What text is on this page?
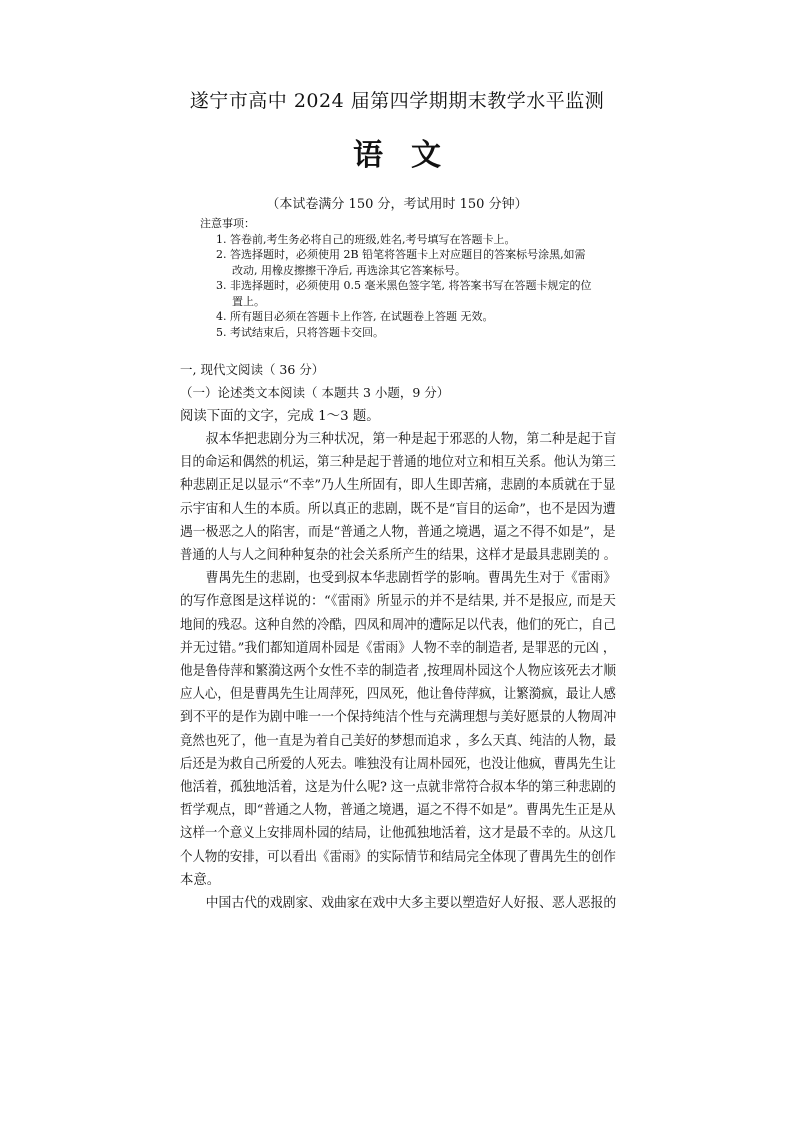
遂宁市高中 2024 届第四学期期末教学水平监测
语文
（本试卷满分 150 分，考试用时 150 分钟）
注意事项：
1. 答卷前,考生务必将自己的班级,姓名,考号填写在答题卡上。
2. 答选择题时，必须使用 2B 铅笔将答题卡上对应题目的答案标号涂黑,如需
改动, 用橡皮擦擦干净后, 再选涂其它答案标号。
3. 非选择题时，必须使用 0.5 毫米黑色签字笔, 将答案书写在答题卡规定的位
置上。
4. 所有题目必须在答题卡上作答, 在试题卷上答题 无效。
5. 考试结束后，只将答题卡交回。
一, 现代文阅读（ 36 分）
（一）论述类文本阅读（ 本题共 3 小题，9 分）
阅读下面的文字，完成 1～3 题。
叔本华把悲剧分为三种状况，第一种是起于邪恶的人物，第二种是起于盲
目的命运和偶然的机运，第三种是起于普通的地位对立和相互关系。他认为第三
种悲剧正足以显示“不幸”乃人生所固有，即人生即苦痛，悲剧的本质就在于显
示宇宙和人生的本质。所以真正的悲剧，既不是“盲目的运命”，也不是因为遭
遇一极恶之人的陷害，而是“普通之人物，普通之境遇，逼之不得不如是”，是
普通的人与人之间种种复杂的社会关系所产生的结果，这样才是最具悲剧美的 。
曹禺先生的悲剧，也受到叔本华悲剧哲学的影响。曹禺先生对于《雷雨》
的写作意图是这样说的：“《雷雨》所显示的并不是结果, 并不是报应, 而是天
地间的残忍。这种自然的冷酷，四凤和周冲的遭际足以代表，他们的死亡，自己
并无过错。”我们都知道周朴园是《雷雨》人物不幸的制造者, 是罪恶的元凶 ，
他是鲁侍萍和繁漪这两个女性不幸的制造者 ,按理周朴园这个人物应该死去才顺
应人心，但是曹禺先生让周萍死，四凤死，他让鲁侍萍疯，让繁漪疯，最让人感
到不平的是作为剧中唯一一个保持纯洁个性与充满理想与美好愿景的人物周冲
竟然也死了，他一直是为着自己美好的梦想而追求 ，多么天真、纯洁的人物，最
后还是为救自己所爱的人死去。唯独没有让周朴园死，也没让他疯，曹禺先生让
他活着，孤独地活着，这是为什么呢? 这一点就非常符合叔本华的第三种悲剧的
哲学观点，即“普通之人物，普通之境遇，逼之不得不如是”。曹禺先生正是从
这样一个意义上安排周朴园的结局，让他孤独地活着，这才是最不幸的。从这几
个人物的安排，可以看出《雷雨》的实际情节和结局完全体现了曹禺先生的创作
本意。
中国古代的戏剧家、戏曲家在戏中大多主要以塑造好人好报、恶人恶报的
